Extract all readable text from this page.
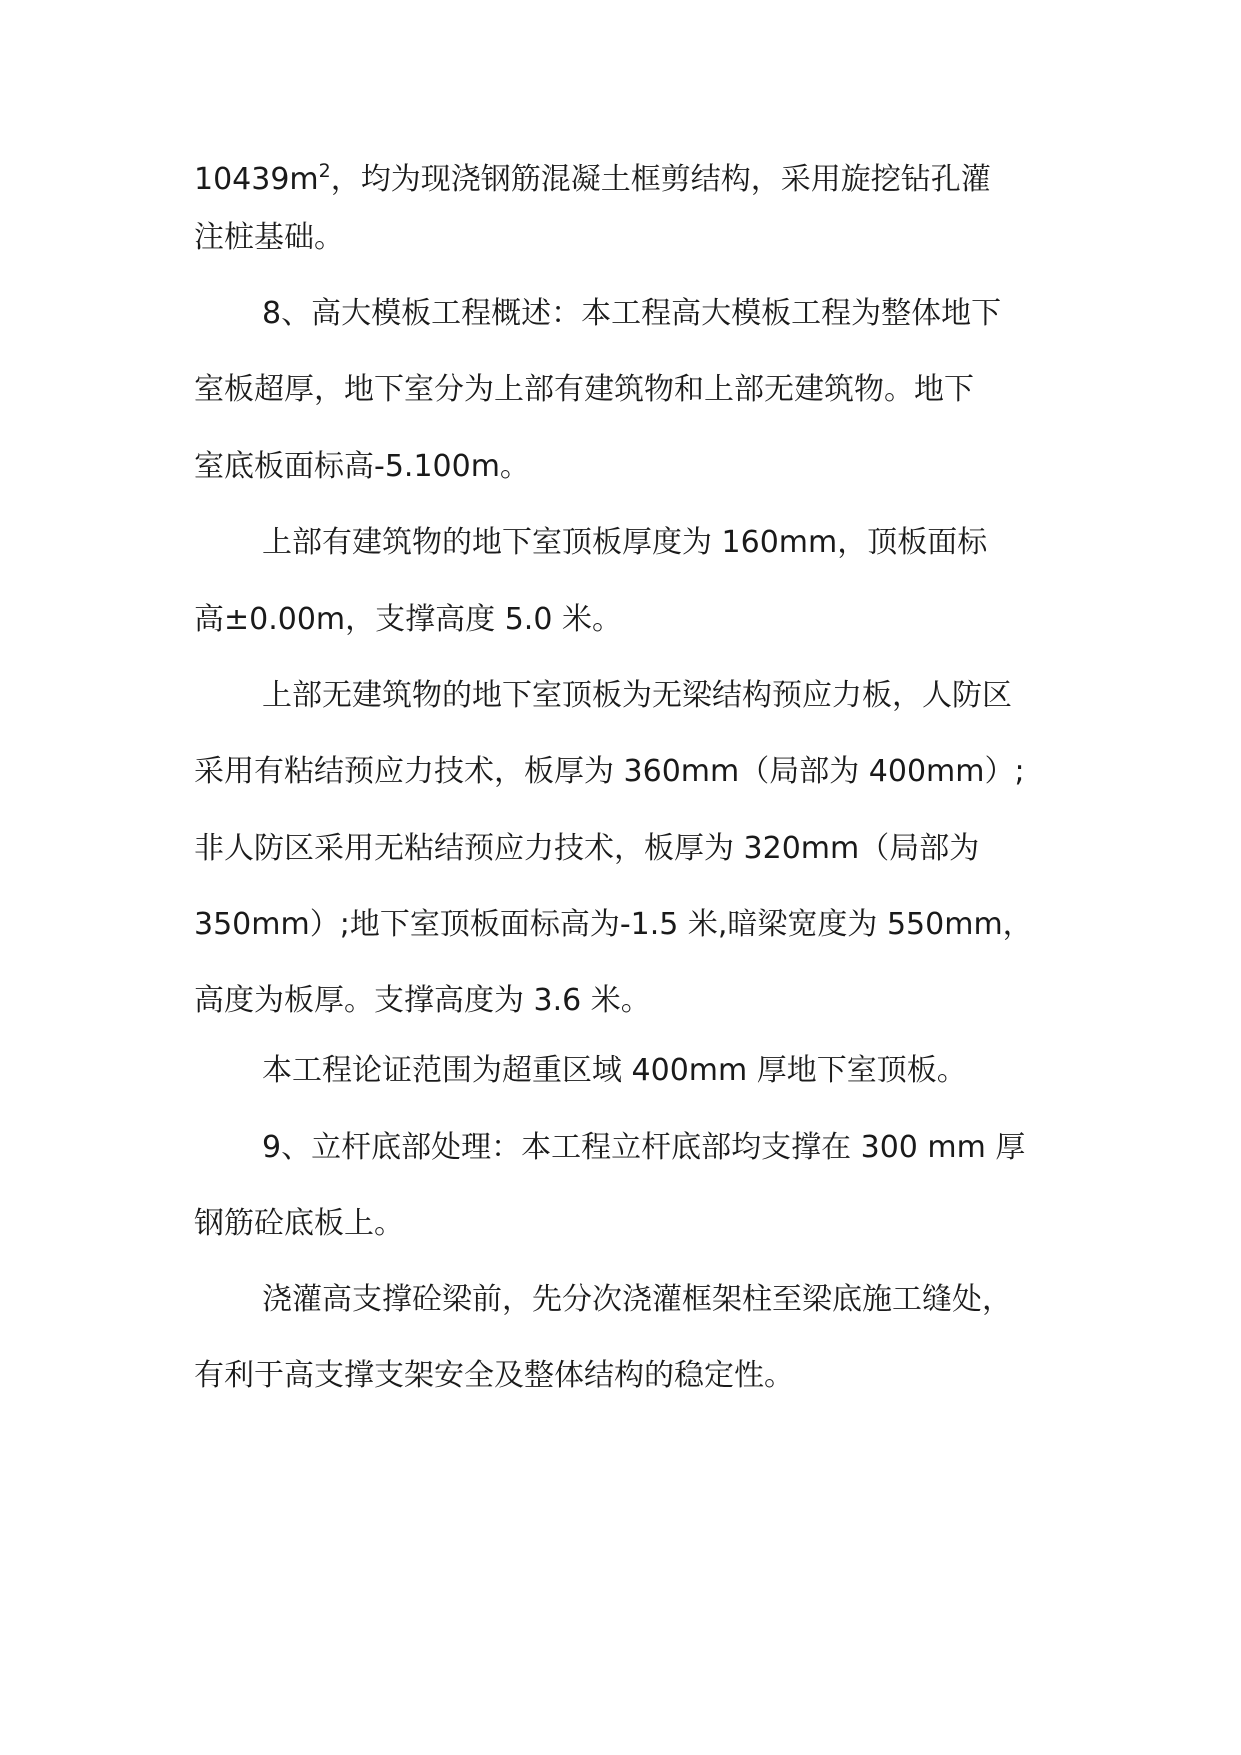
$10439m^2$，均为现浇钢筋混凝土框剪结构，采用旋挖钻孔灌
注桩基础。
8、高大模板工程概述：本工程高大模板工程为整体地下
室板超厚，地下室分为上部有建筑物和上部无建筑物。地下
室底板面标高-5.100m。
上部有建筑物的地下室顶板厚度为 160mm，顶板面标
高±0.00m，支撑高度 5.0 米。
上部无建筑物的地下室顶板为无梁结构预应力板，人防区
采用有粘结预应力技术，板厚为 360mm（局部为 400mm）;
非人防区采用无粘结预应力技术，板厚为 320mm（局部为
350mm）;地下室顶板面标高为-1.5 米,暗梁宽度为 550mm，
高度为板厚。支撑高度为 3.6 米。
本工程论证范围为超重区域 400mm 厚地下室顶板。
9、立杆底部处理：本工程立杆底部均支撑在 300 mm 厚
钢筋砼底板上。
浇灌高支撑砼梁前，先分次浇灌框架柱至梁底施工缝处，
有利于高支撑支架安全及整体结构的稳定性。
